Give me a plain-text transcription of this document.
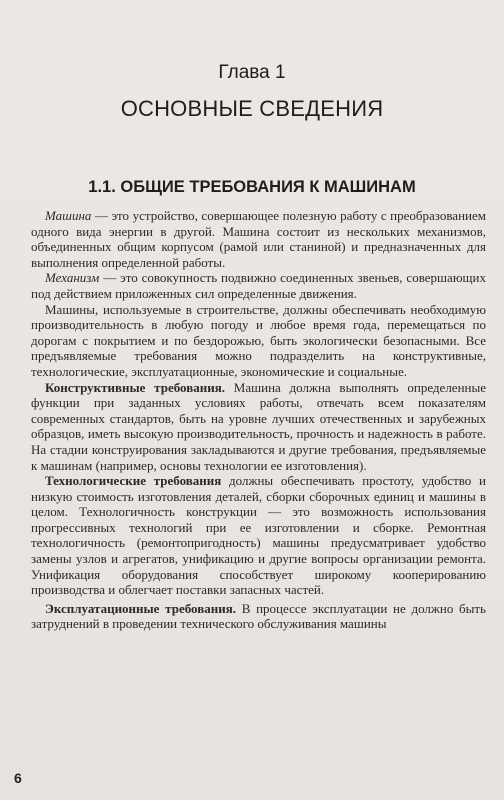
Глава 1
ОСНОВНЫЕ СВЕДЕНИЯ
1.1. ОБЩИЕ ТРЕБОВАНИЯ К МАШИНАМ

Машина — это устройство, совершающее полезную работу с преобразованием одного вида энергии в другой. Машина состоит из нескольких механизмов, объединенных общим корпусом (рамой или станиной) и предназначенных для выполнения определенной работы.

Механизм — это совокупность подвижно соединенных звеньев, совершающих под действием приложенных сил определенные движения.

Машины, используемые в строительстве, должны обеспечивать необходимую производительность в любую погоду и любое время года, перемещаться по дорогам с покрытием и по бездорожью, быть экологически безопасными. Все предъявляемые требования можно подразделить на конструктивные, технологические, эксплуатационные, экономические и социальные.

Конструктивные требования. Машина должна выполнять определенные функции при заданных условиях работы, отвечать всем показателям современных стандартов, быть на уровне лучших отечественных и зарубежных образцов, иметь высокую производительность, прочность и надежность в работе. На стадии конструирования закладываются и другие требования, предъявляемые к машинам (например, основы технологии ее изготовления).

Технологические требования должны обеспечивать простоту, удобство и низкую стоимость изготовления деталей, сборки сборочных единиц и машины в целом. Технологичность конструкции — это возможность использования прогрессивных технологий при ее изготовлении и сборке. Ремонтная технологичность (ремонтопригодность) машины предусматривает удобство замены узлов и агрегатов, унификацию и другие вопросы организации ремонта. Унификация оборудования способствует широкому кооперированию производства и облегчает поставки запасных частей.

Эксплуатационные требования. В процессе эксплуатации не должно быть затруднений в проведении технического обслуживания машины

6
